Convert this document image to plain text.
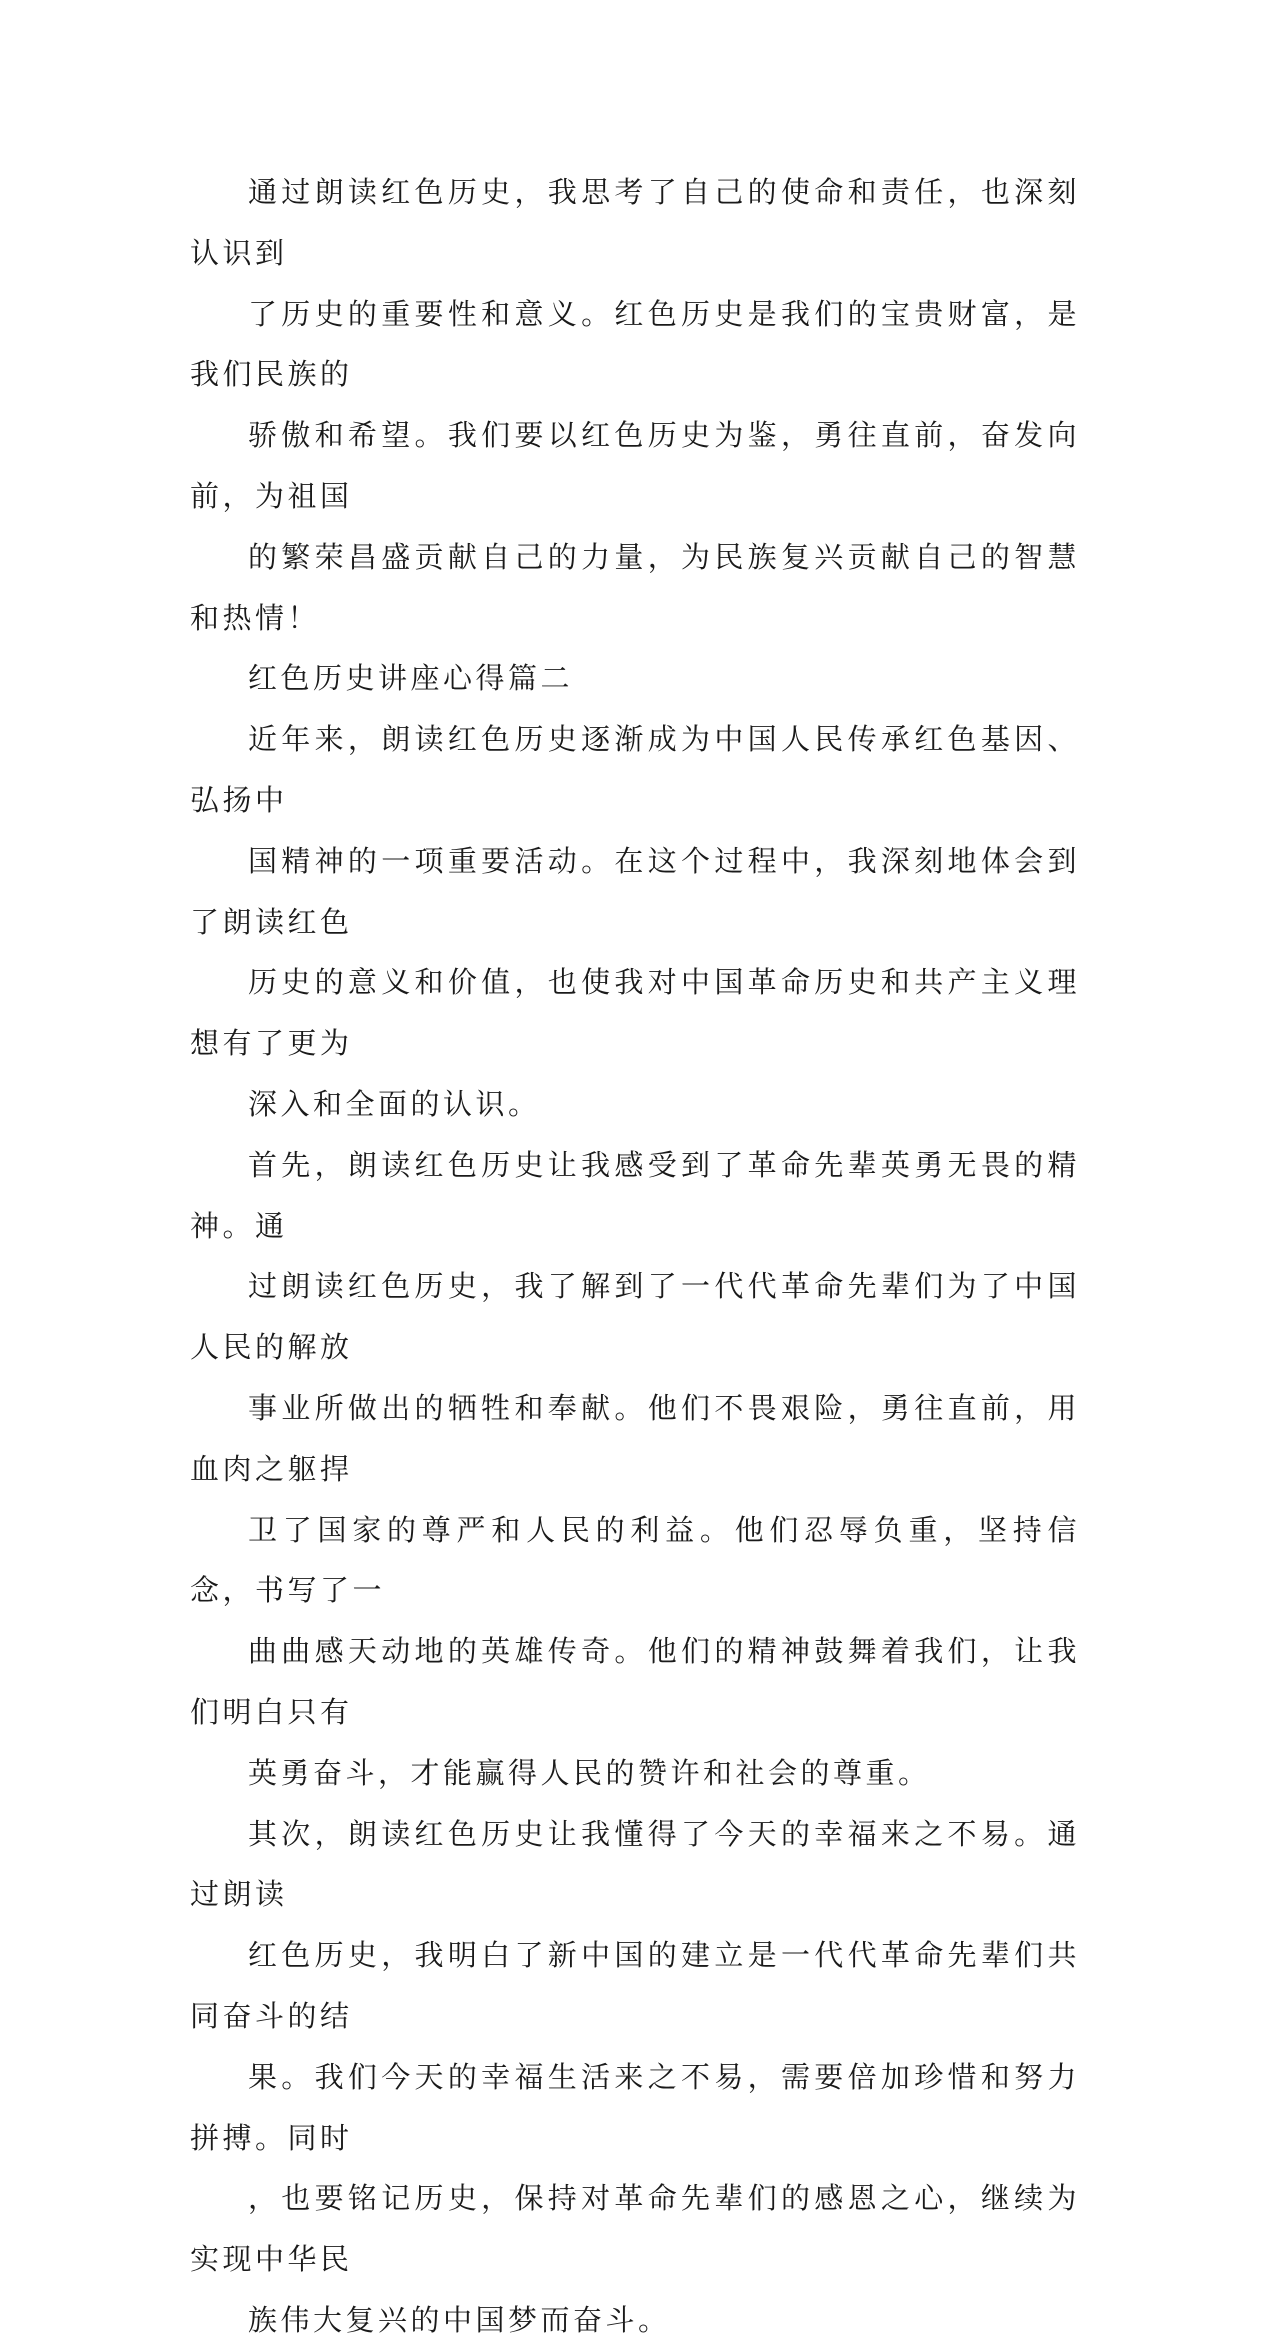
通过朗读红色历史，我思考了自己的使命和责任，也深刻认识到
了历史的重要性和意义。红色历史是我们的宝贵财富，是我们民族的
骄傲和希望。我们要以红色历史为鉴，勇往直前，奋发向前，为祖国
的繁荣昌盛贡献自己的力量，为民族复兴贡献自己的智慧和热情！

红色历史讲座心得篇二

近年来，朗读红色历史逐渐成为中国人民传承红色基因、弘扬中
国精神的一项重要活动。在这个过程中，我深刻地体会到了朗读红色
历史的意义和价值，也使我对中国革命历史和共产主义理想有了更为
深入和全面的认识。

首先，朗读红色历史让我感受到了革命先辈英勇无畏的精神。通
过朗读红色历史，我了解到了一代代革命先辈们为了中国人民的解放
事业所做出的牺牲和奉献。他们不畏艰险，勇往直前，用血肉之躯捍
卫了国家的尊严和人民的利益。他们忍辱负重，坚持信念，书写了一
曲曲感天动地的英雄传奇。他们的精神鼓舞着我们，让我们明白只有
英勇奋斗，才能赢得人民的赞许和社会的尊重。

其次，朗读红色历史让我懂得了今天的幸福来之不易。通过朗读
红色历史，我明白了新中国的建立是一代代革命先辈们共同奋斗的结
果。我们今天的幸福生活来之不易，需要倍加珍惜和努力拼搏。同时
，也要铭记历史，保持对革命先辈们的感恩之心，继续为实现中华民
族伟大复兴的中国梦而奋斗。
